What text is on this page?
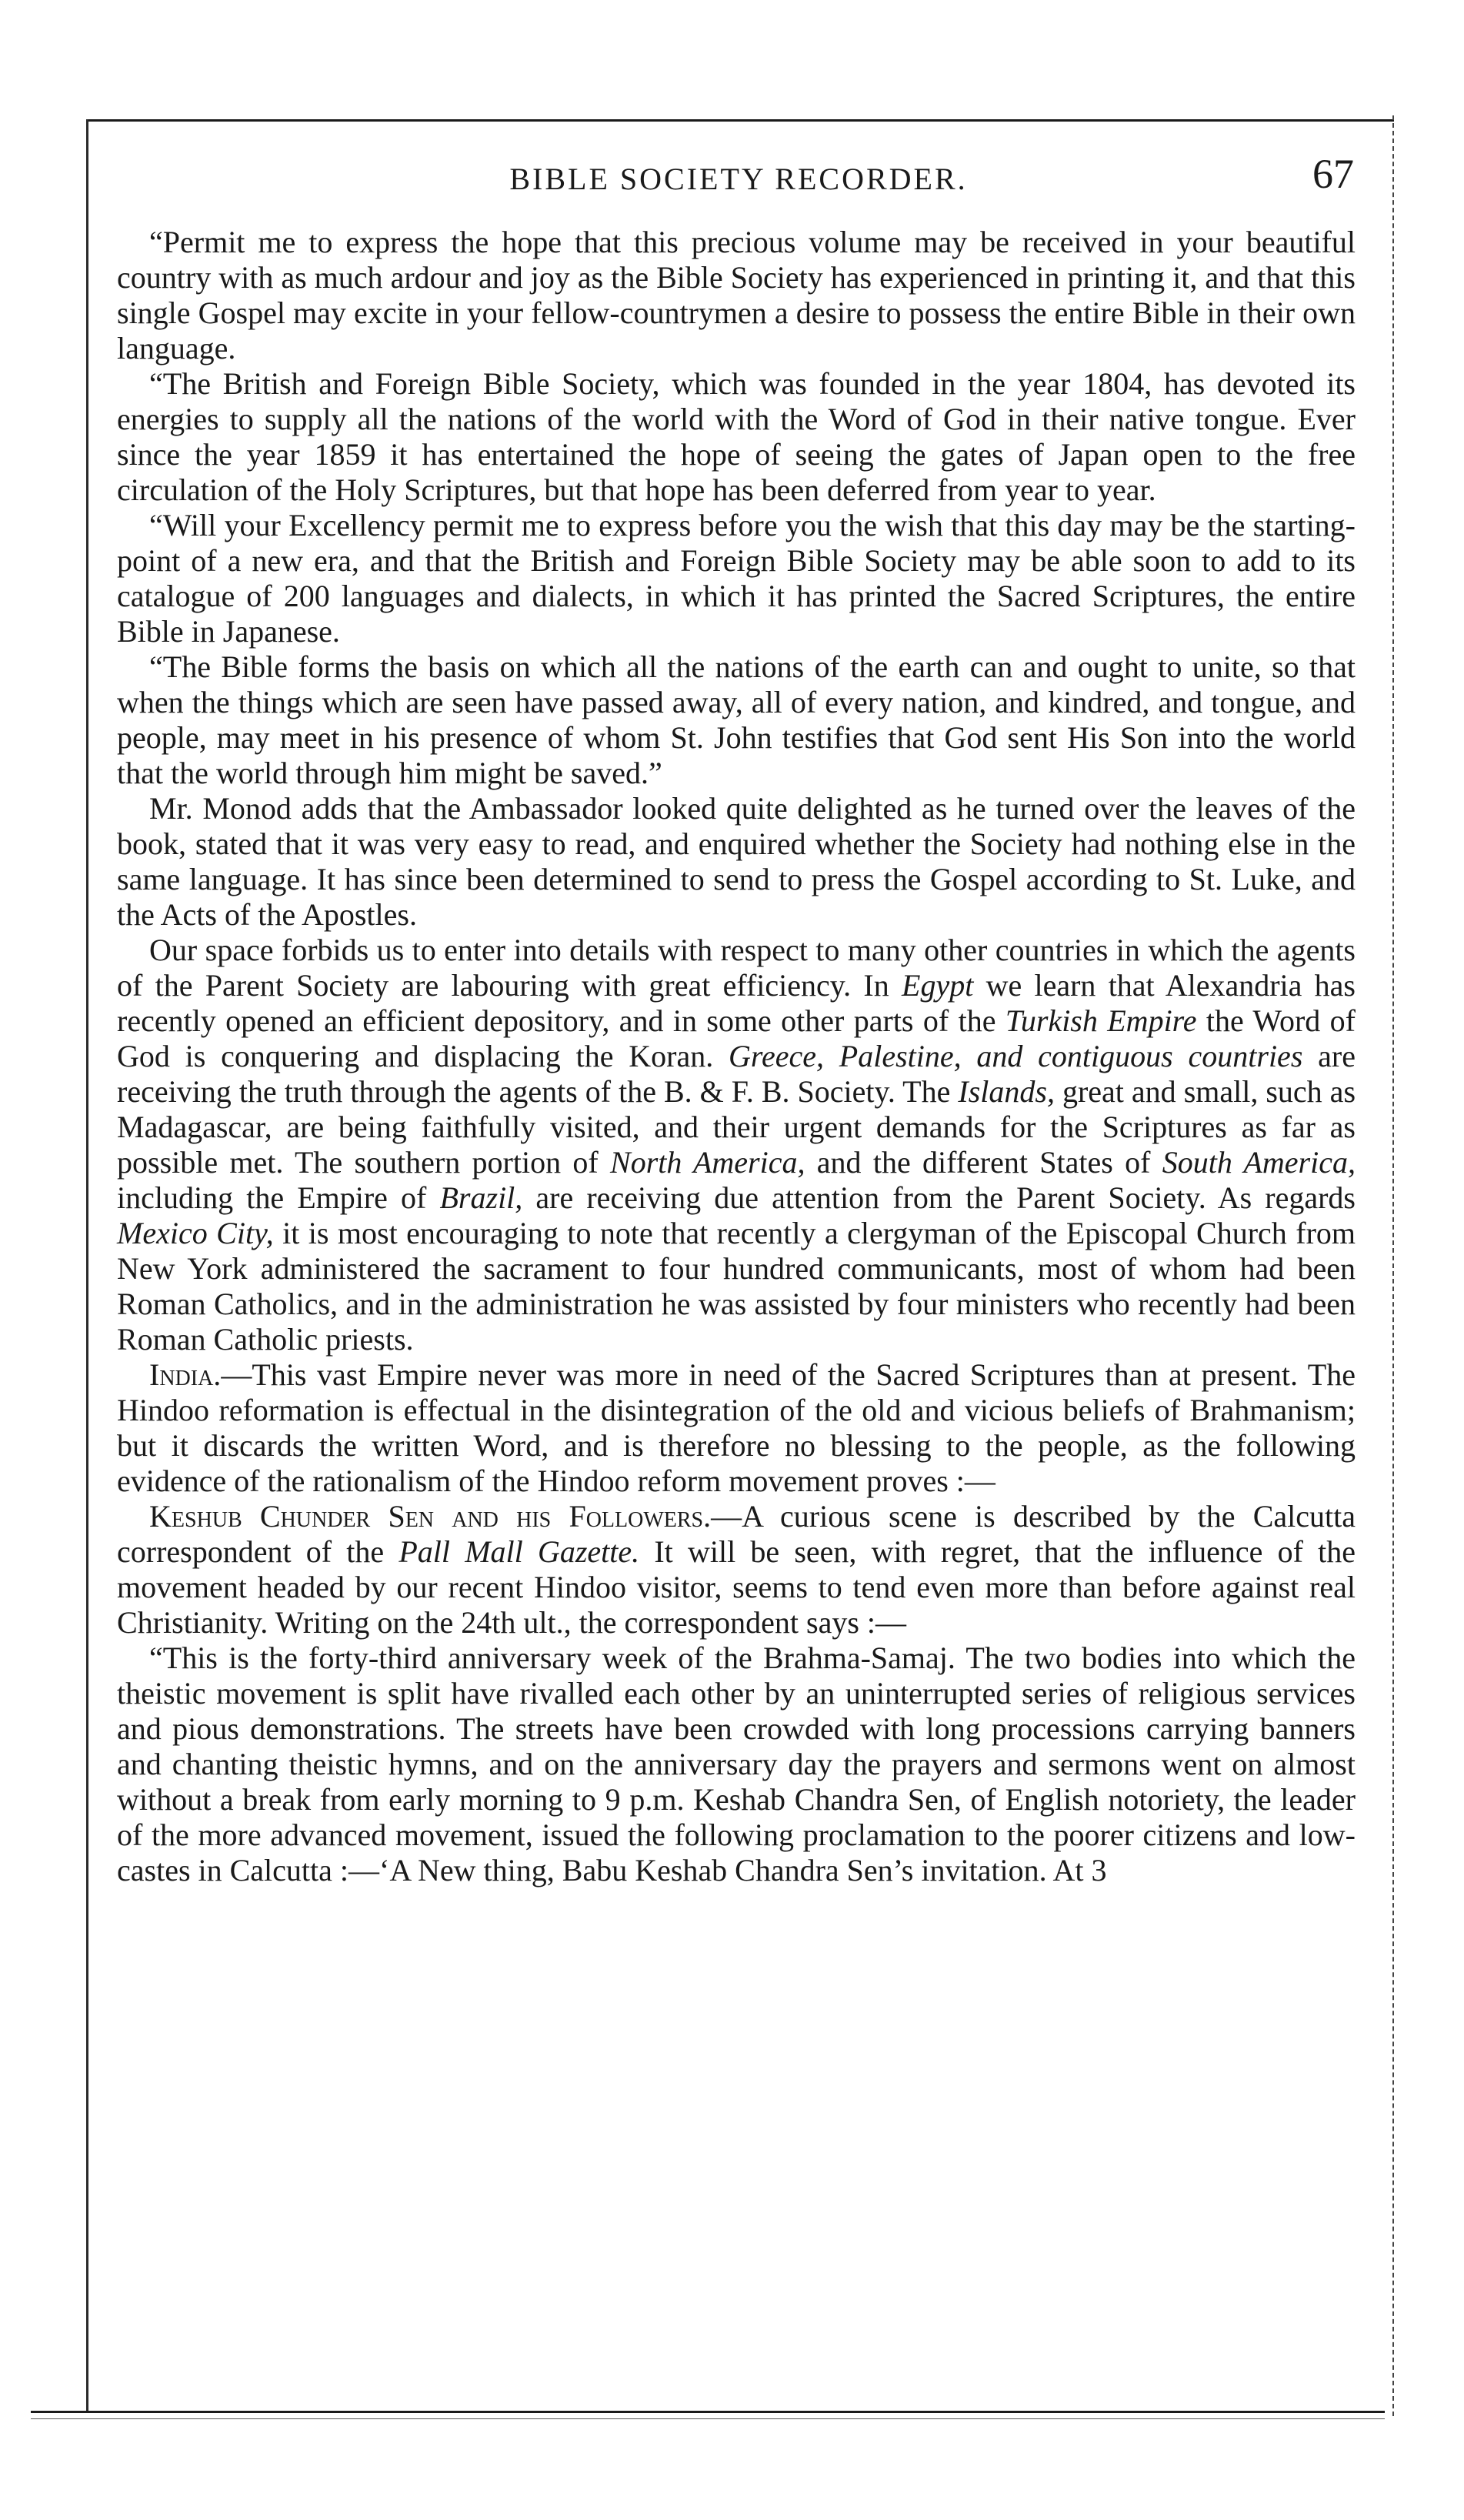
BIBLE SOCIETY RECORDER.	67

“Permit me to express the hope that this precious volume may be received in your beautiful country with as much ardour and joy as the Bible Society has experienced in printing it, and that this single Gospel may excite in your fellow-countrymen a desire to possess the entire Bible in their own language.

“The British and Foreign Bible Society, which was founded in the year 1804, has devoted its energies to supply all the nations of the world with the Word of God in their native tongue. Ever since the year 1859 it has entertained the hope of seeing the gates of Japan open to the free circulation of the Holy Scriptures, but that hope has been deferred from year to year.

“Will your Excellency permit me to express before you the wish that this day may be the starting-point of a new era, and that the British and Foreign Bible Society may be able soon to add to its catalogue of 200 languages and dialects, in which it has printed the Sacred Scriptures, the entire Bible in Japanese.

“The Bible forms the basis on which all the nations of the earth can and ought to unite, so that when the things which are seen have passed away, all of every nation, and kindred, and tongue, and people, may meet in his presence of whom St. John testifies that God sent His Son into the world that the world through him might be saved.”

Mr. Monod adds that the Ambassador looked quite delighted as he turned over the leaves of the book, stated that it was very easy to read, and enquired whether the Society had nothing else in the same language. It has since been determined to send to press the Gospel according to St. Luke, and the Acts of the Apostles.

Our space forbids us to enter into details with respect to many other countries in which the agents of the Parent Society are labouring with great efficiency. In Egypt we learn that Alexandria has recently opened an efficient depository, and in some other parts of the Turkish Empire the Word of God is conquering and displacing the Koran. Greece, Palestine, and contiguous countries are receiving the truth through the agents of the B. & F. B. Society. The Islands, great and small, such as Madagascar, are being faithfully visited, and their urgent demands for the Scriptures as far as possible met. The southern portion of North America, and the different States of South America, including the Empire of Brazil, are receiving due attention from the Parent Society. As regards Mexico City, it is most encouraging to note that recently a clergyman of the Episcopal Church from New York administered the sacrament to four hundred communicants, most of whom had been Roman Catholics, and in the administration he was assisted by four ministers who recently had been Roman Catholic priests.

India.—This vast Empire never was more in need of the Sacred Scriptures than at present. The Hindoo reformation is effectual in the disintegration of the old and vicious beliefs of Brahmanism; but it discards the written Word, and is therefore no blessing to the people, as the following evidence of the rationalism of the Hindoo reform movement proves :—

Keshub Chunder Sen and his Followers.—A curious scene is described by the Calcutta correspondent of the Pall Mall Gazette. It will be seen, with regret, that the influence of the movement headed by our recent Hindoo visitor, seems to tend even more than before against real Christianity. Writing on the 24th ult., the correspondent says :—

“This is the forty-third anniversary week of the Brahma-Samaj. The two bodies into which the theistic movement is split have rivalled each other by an uninterrupted series of religious services and pious demonstrations. The streets have been crowded with long processions carrying banners and chanting theistic hymns, and on the anniversary day the prayers and sermons went on almost without a break from early morning to 9 p.m. Keshab Chandra Sen, of English notoriety, the leader of the more advanced movement, issued the following proclamation to the poorer citizens and low-castes in Calcutta :—‘A New thing, Babu Keshab Chandra Sen’s invitation. At 3
